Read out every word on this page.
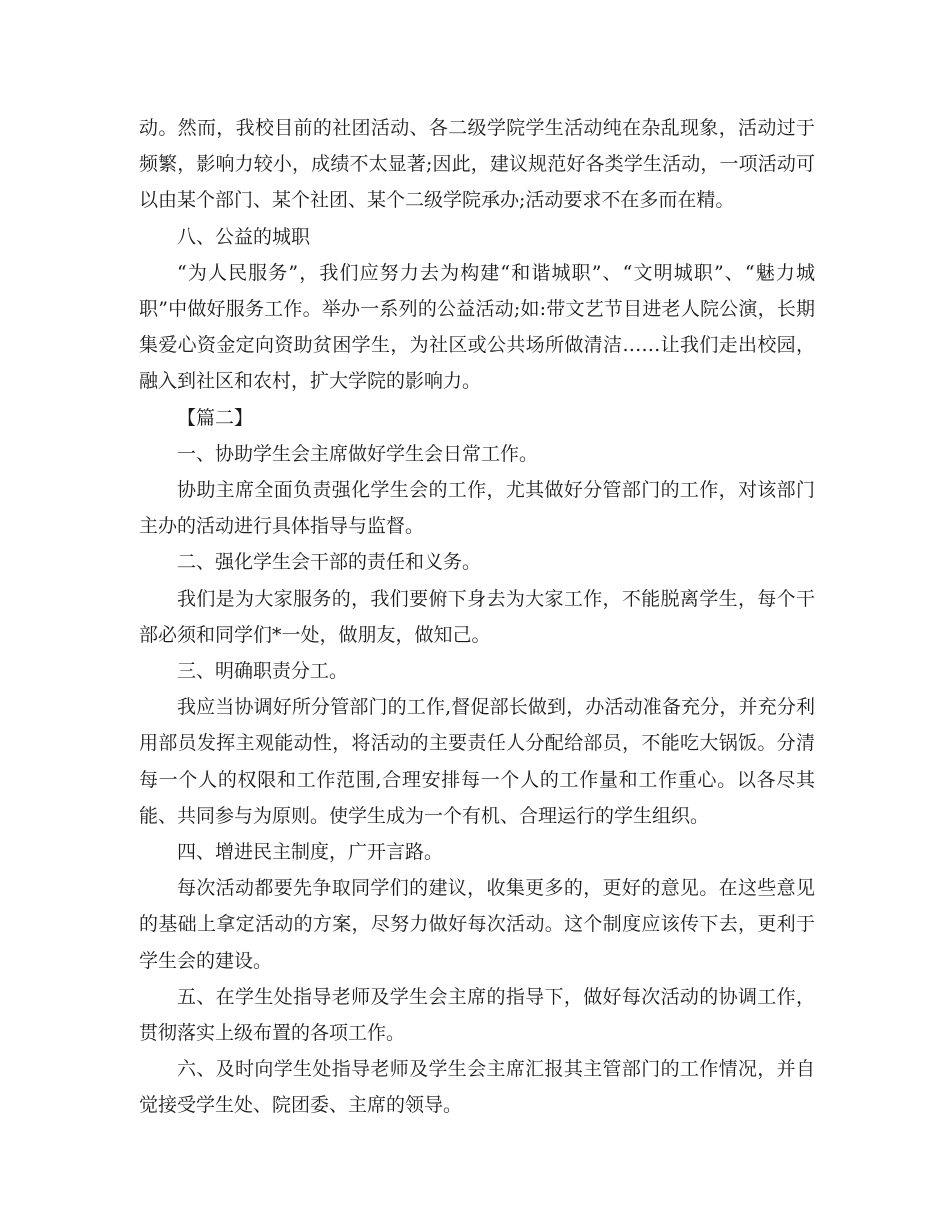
动。然而，我校目前的社团活动、各二级学院学生活动纯在杂乱现象，活动过于频繁，影响力较小，成绩不太显著;因此，建议规范好各类学生活动，一项活动可以由某个部门、某个社团、某个二级学院承办;活动要求不在多而在精。

八、公益的城职

“为人民服务”，我们应努力去为构建“和谐城职”、“文明城职”、“魅力城职”中做好服务工作。举办一系列的公益活动;如:带文艺节目进老人院公演，长期集爱心资金定向资助贫困学生，为社区或公共场所做清洁……让我们走出校园，融入到社区和农村，扩大学院的影响力。

【篇二】

一、协助学生会主席做好学生会日常工作。

协助主席全面负责强化学生会的工作，尤其做好分管部门的工作，对该部门主办的活动进行具体指导与监督。

二、强化学生会干部的责任和义务。

我们是为大家服务的，我们要俯下身去为大家工作，不能脱离学生，每个干部必须和同学们*一处，做朋友，做知己。

三、明确职责分工。

我应当协调好所分管部门的工作,督促部长做到，办活动准备充分，并充分利用部员发挥主观能动性，将活动的主要责任人分配给部员，不能吃大锅饭。分清每一个人的权限和工作范围,合理安排每一个人的工作量和工作重心。以各尽其能、共同参与为原则。使学生成为一个有机、合理运行的学生组织。

四、增进民主制度，广开言路。

每次活动都要先争取同学们的建议，收集更多的，更好的意见。在这些意见的基础上拿定活动的方案，尽努力做好每次活动。这个制度应该传下去，更利于学生会的建设。

五、在学生处指导老师及学生会主席的指导下，做好每次活动的协调工作，贯彻落实上级布置的各项工作。

六、及时向学生处指导老师及学生会主席汇报其主管部门的工作情况，并自觉接受学生处、院团委、主席的领导。
